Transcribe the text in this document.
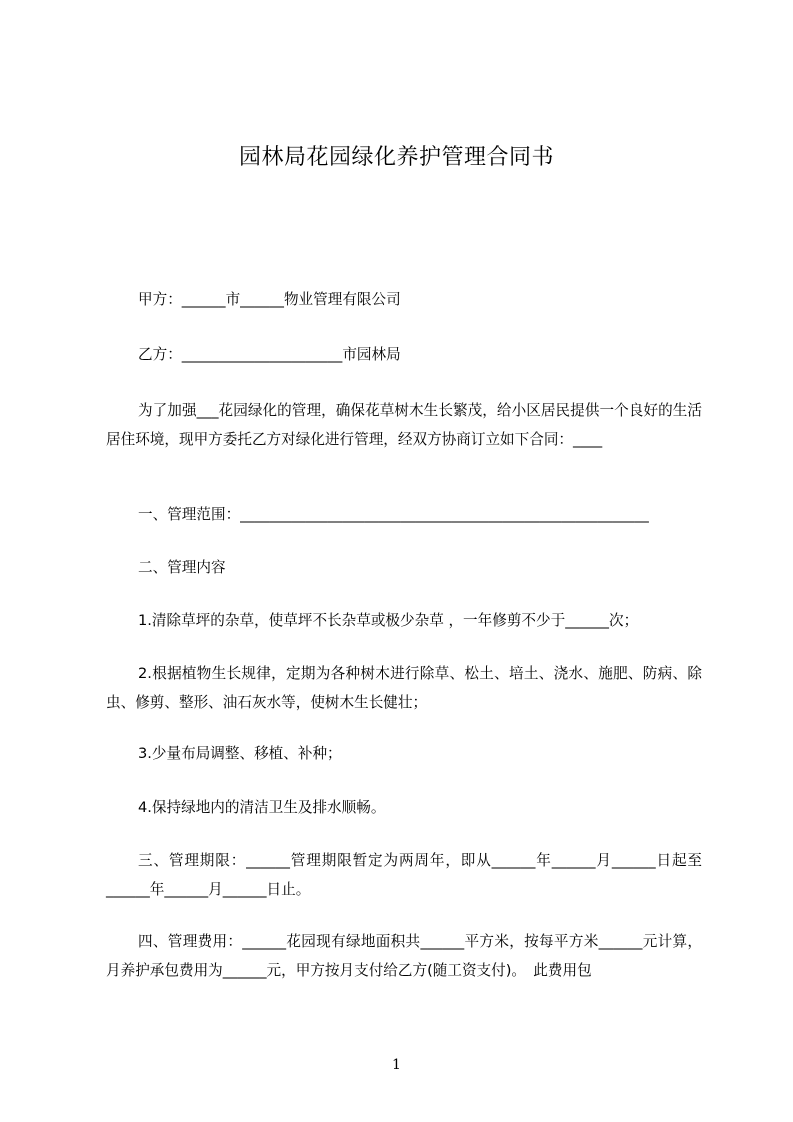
园林局花园绿化养护管理合同书
甲方：______市______物业管理有限公司
乙方：______________________市园林局
为了加强___花园绿化的管理，确保花草树木生长繁茂，给小区居民提供一个良好的生活居住环境，现甲方委托乙方对绿化进行管理，经双方协商订立如下合同：____
一、管理范围：________________________________________________________
二、管理内容
1.清除草坪的杂草，使草坪不长杂草或极少杂草 ，一年修剪不少于______次；
2.根据植物生长规律，定期为各种树木进行除草、松土、培土、浇水、施肥、防病、除虫、修剪、整形、油石灰水等，使树木生长健壮；
3.少量布局调整、移植、补种；
4.保持绿地内的清洁卫生及排水顺畅。
三、管理期限：______管理期限暂定为两周年，即从______年______月______日起至______年______月______日止。
四、管理费用：______花园现有绿地面积共______平方米，按每平方米______元计算，月养护承包费用为______元，甲方按月支付给乙方(随工资支付)。　此费用包
1
